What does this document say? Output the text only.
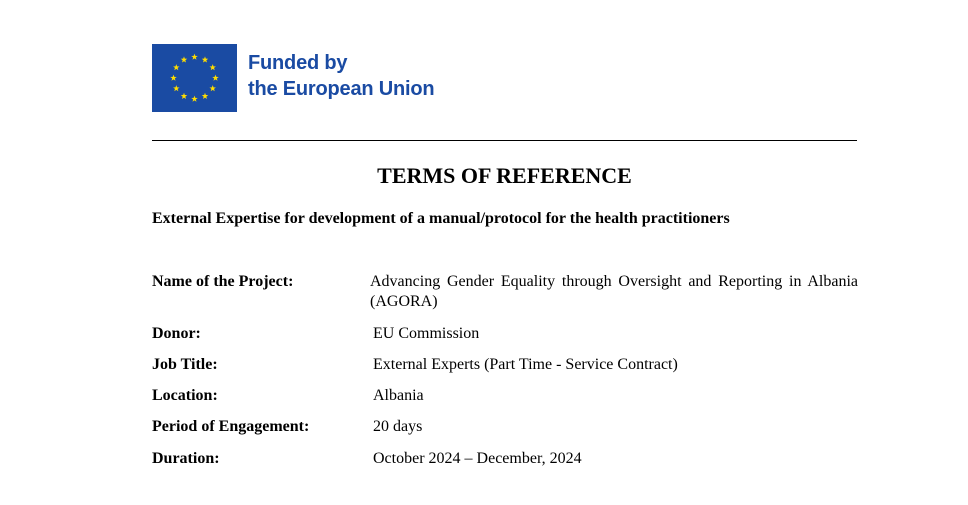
Funded by
the European Union
TERMS OF REFERENCE
External Expertise for development of a manual/protocol for the health practitioners
Name of the Project:	Advancing Gender Equality through Oversight and Reporting in Albania (AGORA)
Donor:	EU Commission
Job Title:	External Experts (Part Time - Service Contract)
Location:	Albania
Period of Engagement:	20 days
Duration:	October 2024 – December, 2024
